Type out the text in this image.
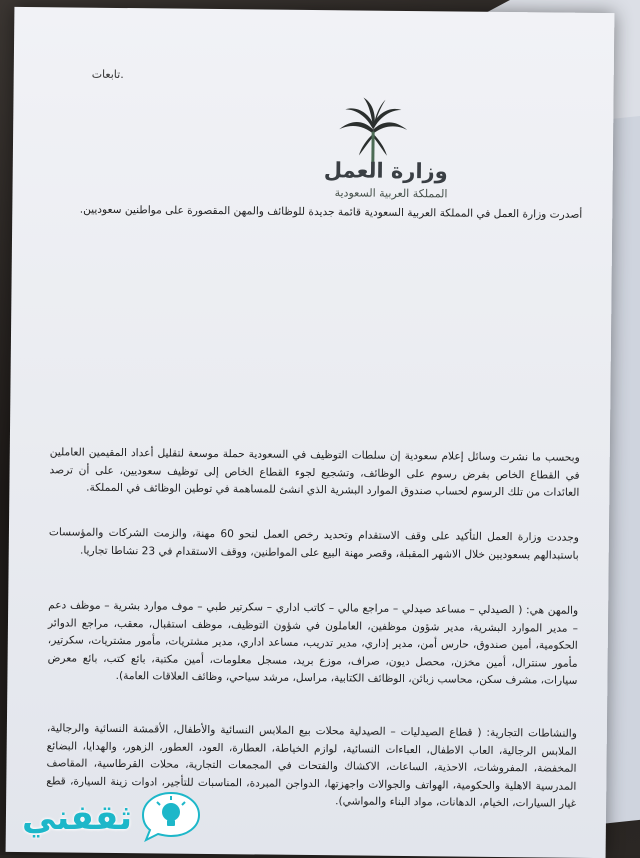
تابعات.
وزارة العمل
المملكة العربية السعودية
أصدرت وزارة العمل في المملكة العربية السعودية قائمة جديدة للوظائف والمهن المقصورة على مواطنين سعوديين.
وبحسب ما نشرت وسائل إعلام سعودية إن سلطات التوظيف في السعودية حملة موسعة لتقليل أعداد المقيمين العاملين في القطاع الخاص بفرض رسوم على الوظائف، وتشجيع لجوء القطاع الخاص إلى توظيف سعوديين، على أن ترصد العائدات من تلك الرسوم لحساب صندوق الموارد البشرية الذي انشئ للمساهمة في توطين الوظائف في المملكة.
وجددت وزارة العمل التأكيد على وقف الاستقدام وتحديد رخص العمل لنحو 60 مهنة، والزمت الشركات والمؤسسات باستبدالهم بسعوديين خلال الاشهر المقبلة، وقصر مهنة البيع على المواطنين، ووقف الاستقدام في 23 نشاطا تجاريا.
والمهن هي: ( الصيدلي – مساعد صيدلي – مراجع مالي – كاتب اداري – سكرتير طبي – موف موارد بشرية – موظف دعم – مدير الموارد البشرية، مدير شؤون موظفين، العاملون في شؤون التوظيف، موظف استقبال، معقب، مراجع الدوائر الحكومية، أمين صندوق، حارس أمن، مدير إداري، مدير تدريب، مساعد اداري، مدير مشتريات، مأمور مشتريات، سكرتير، مأمور سنترال، أمين مخزن، محصل ديون، صراف، موزع بريد، مسجل معلومات، أمين مكتبة، بائع كتب، بائع معرض سيارات، مشرف سكن، محاسب زبائن، الوظائف الكتابية، مراسل، مرشد سياحي، وظائف العلاقات العامة).
والنشاطات التجارية: ( قطاع الصيدليات – الصيدلية محلات بيع الملابس النسائية والأطفال، الأقمشة النسائية والرجالية، الملابس الرجالية، العاب الاطفال، العباءات النسائية، لوازم الخياطة، العطارة، العود، العطور، الزهور، والهدايا، البضائع المخفضة، المفروشات، الاحذية، الساعات، الاكشاك والفتحات في المجمعات التجارية، محلات القرطاسية، المقاصف المدرسية الاهلية والحكومية، الهواتف والجوالات واجهزتها، الدواجن المبردة، المناسبات للتأجير، ادوات زينة السيارة، قطع غيار السيارات، الخيام، الدهانات، مواد البناء والمواشي).
ثقفني
